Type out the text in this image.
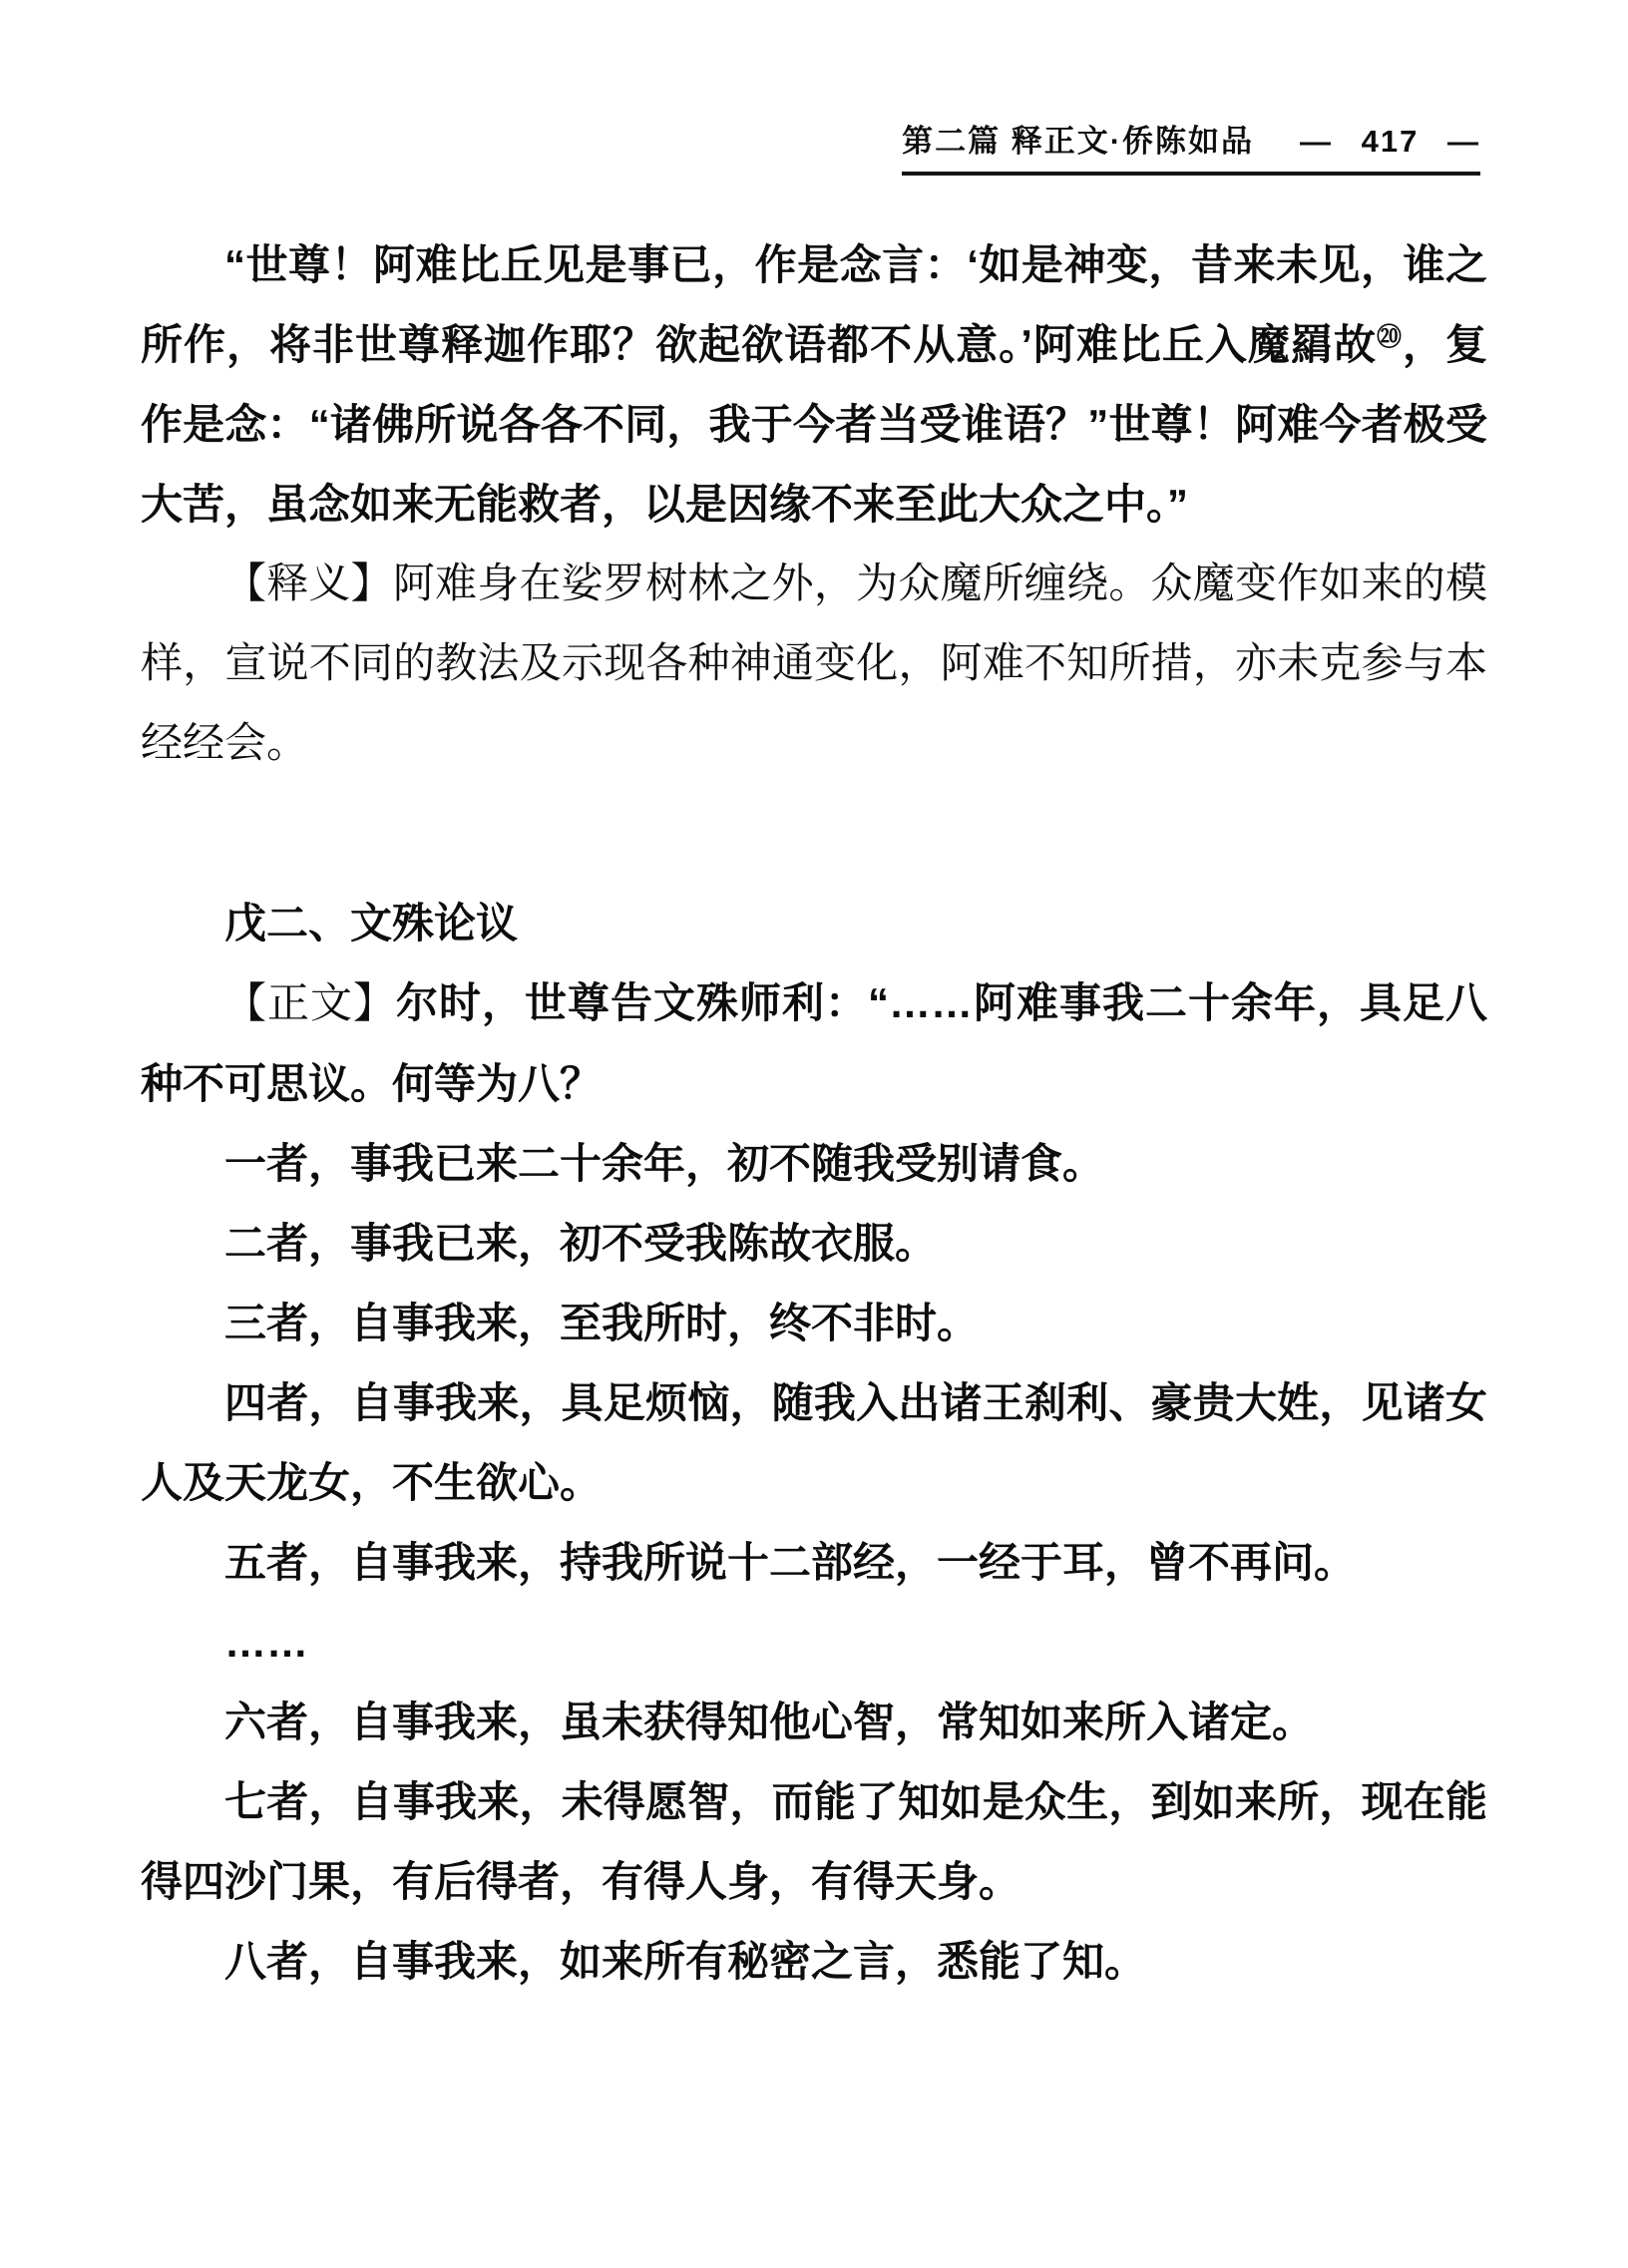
第二篇 释正文·侨陈如品 — 417 —

“世尊！阿难比丘见是事已，作是念言：‘如是神变，昔来未见，谁之所作，将非世尊释迦作耶？欲起欲语都不从意。’阿难比丘入魔羂故⑳，复作是念：“诸佛所说各各不同，我于今者当受谁语？”世尊！阿难今者极受大苦，虽念如来无能救者，以是因缘不来至此大众之中。”

【释义】阿难身在娑罗树林之外，为众魔所缠绕。众魔变作如来的模样，宣说不同的教法及示现各种神通变化，阿难不知所措，亦未克参与本经经会。

戊二、文殊论议

【正文】尔时，世尊告文殊师利：“……阿难事我二十余年，具足八种不可思议。何等为八？

一者，事我已来二十余年，初不随我受别请食。

二者，事我已来，初不受我陈故衣服。

三者，自事我来，至我所时，终不非时。

四者，自事我来，具足烦恼，随我入出诸王刹利、豪贵大姓，见诸女人及天龙女，不生欲心。

五者，自事我来，持我所说十二部经，一经于耳，曾不再问。

……

六者，自事我来，虽未获得知他心智，常知如来所入诸定。

七者，自事我来，未得愿智，而能了知如是众生，到如来所，现在能得四沙门果，有后得者，有得人身，有得天身。

八者，自事我来，如来所有秘密之言，悉能了知。
